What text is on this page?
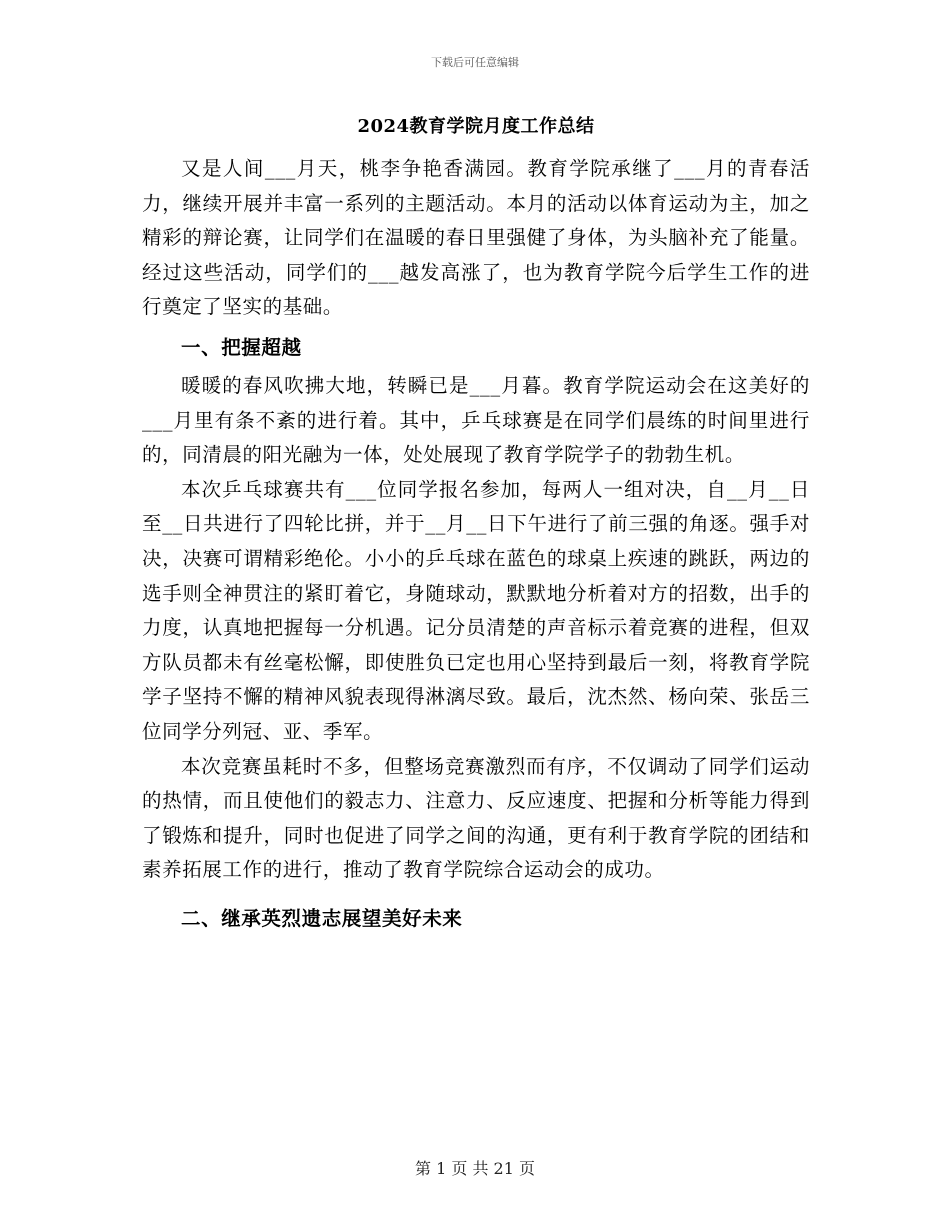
下载后可任意编辑
2024教育学院月度工作总结

又是人间___月天，桃李争艳香满园。教育学院承继了___月的青春活力，继续开展并丰富一系列的主题活动。本月的活动以体育运动为主，加之精彩的辩论赛，让同学们在温暖的春日里强健了身体，为头脑补充了能量。经过这些活动，同学们的___越发高涨了，也为教育学院今后学生工作的进行奠定了坚实的基础。

一、把握超越

暖暖的春风吹拂大地，转瞬已是___月暮。教育学院运动会在这美好的___月里有条不紊的进行着。其中，乒乓球赛是在同学们晨练的时间里进行的，同清晨的阳光融为一体，处处展现了教育学院学子的勃勃生机。

本次乒乓球赛共有___位同学报名参加，每两人一组对决，自__月__日至__日共进行了四轮比拼，并于__月__日下午进行了前三强的角逐。强手对决，决赛可谓精彩绝伦。小小的乒乓球在蓝色的球桌上疾速的跳跃，两边的选手则全神贯注的紧盯着它，身随球动，默默地分析着对方的招数，出手的力度，认真地把握每一分机遇。记分员清楚的声音标示着竞赛的进程，但双方队员都未有丝毫松懈，即使胜负已定也用心坚持到最后一刻，将教育学院学子坚持不懈的精神风貌表现得淋漓尽致。最后，沈杰然、杨向荣、张岳三位同学分列冠、亚、季军。

本次竞赛虽耗时不多，但整场竞赛激烈而有序，不仅调动了同学们运动的热情，而且使他们的毅志力、注意力、反应速度、把握和分析等能力得到了锻炼和提升，同时也促进了同学之间的沟通，更有利于教育学院的团结和素养拓展工作的进行，推动了教育学院综合运动会的成功。

二、继承英烈遗志展望美好未来
第 1 页 共 21 页
